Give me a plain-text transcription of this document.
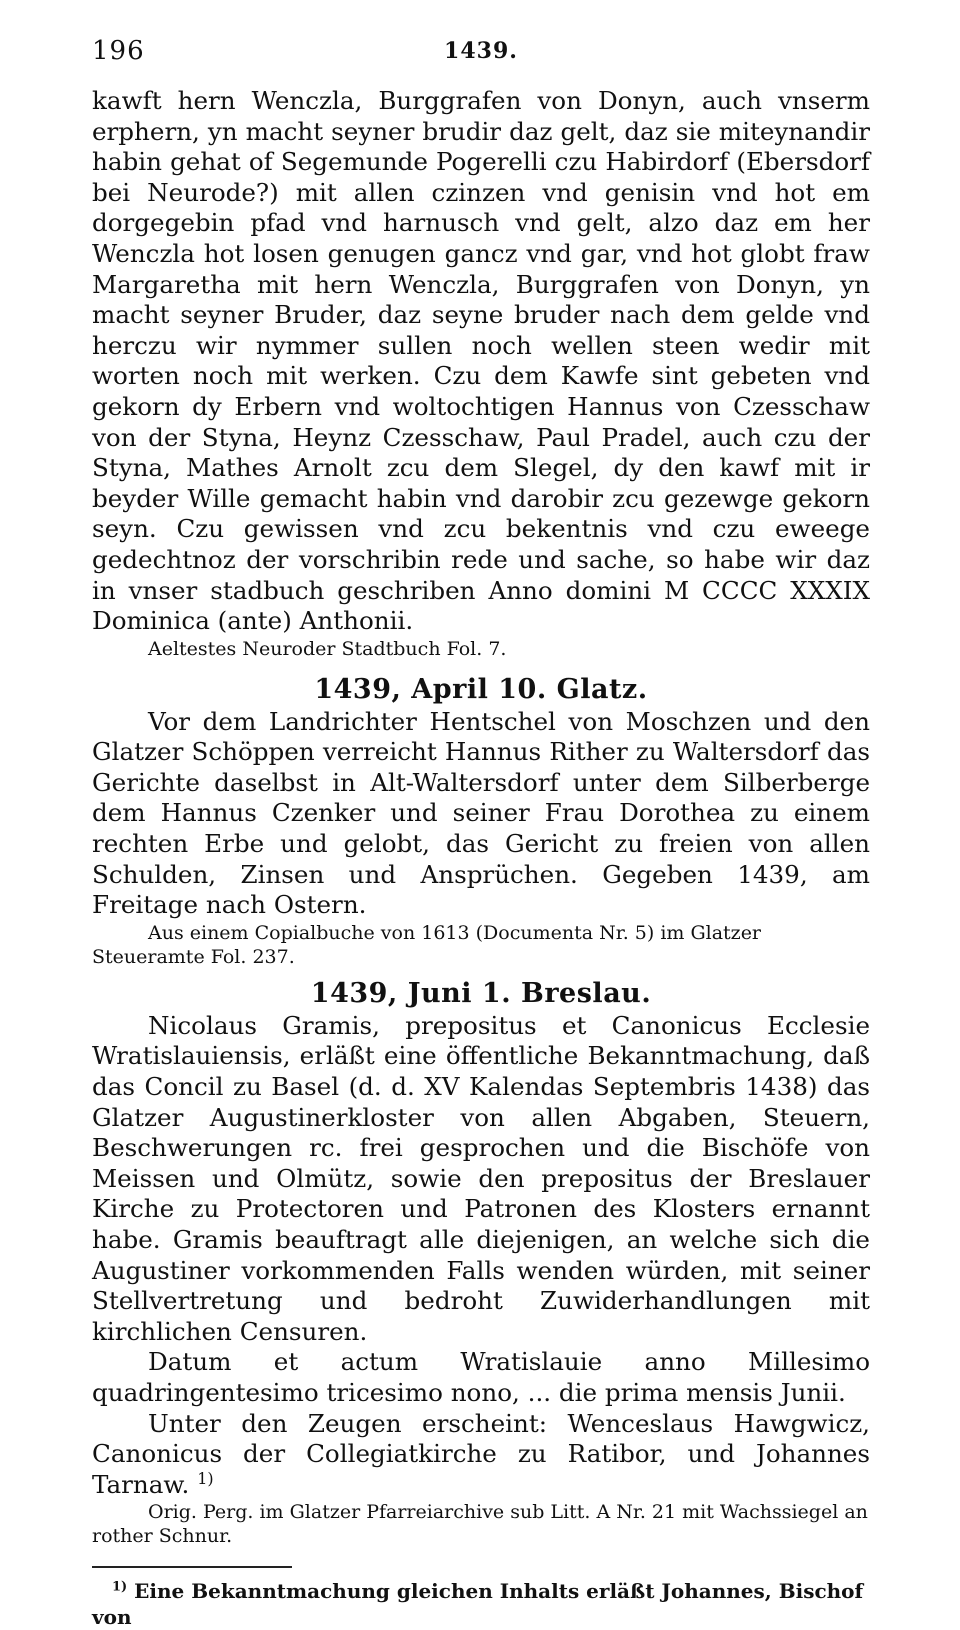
196	1439.

kawft hern Wenczla, Burggrafen von Donyn, auch vnserm erphern, yn macht seyner brudir daz gelt, daz sie miteynandir habin gehat of Segemunde Pogerelli czu Habirdorf (Ebersdorf bei Neurode?) mit allen czinzen vnd genisin vnd hot em dorgegebin pfad vnd harnusch vnd gelt, alzo daz em her Wenczla hot losen genugen gancz vnd gar, vnd hot globt fraw Margaretha mit hern Wenczla, Burggrafen von Donyn, yn macht seyner Bruder, daz seyne bruder nach dem gelde vnd herczu wir nymmer sullen noch wellen steen wedir mit worten noch mit werken. Czu dem Kawfe sint gebeten vnd gekorn dy Erbern vnd woltochtigen Hannus von Czesschaw von der Styna, Heynz Czesschaw, Paul Pradel, auch czu der Styna, Mathes Arnolt zcu dem Slegel, dy den kawf mit ir beyder Wille gemacht habin vnd darobir zcu gezewge gekorn seyn. Czu gewissen vnd zcu bekentnis vnd czu eweege gedechtnoz der vorschribin rede und sache, so habe wir daz in vnser stadbuch geschriben Anno domini M CCCC XXXIX Dominica (ante) Anthonii.

Aeltestes Neuroder Stadtbuch Fol. 7.

1439, April 10. Glatz.

Vor dem Landrichter Hentschel von Moschzen und den Glatzer Schöppen verreicht Hannus Rither zu Waltersdorf das Gerichte daselbst in Alt-Waltersdorf unter dem Silberberge dem Hannus Czenker und seiner Frau Dorothea zu einem rechten Erbe und gelobt, das Gericht zu freien von allen Schulden, Zinsen und Ansprüchen. Gegeben 1439, am Freitage nach Ostern.

Aus einem Copialbuche von 1613 (Documenta Nr. 5) im Glatzer Steueramte Fol. 237.

1439, Juni 1. Breslau.

Nicolaus Gramis, prepositus et Canonicus Ecclesie Wratislauiensis, erläßt eine öffentliche Bekanntmachung, daß das Concil zu Basel (d. d. XV Kalendas Septembris 1438) das Glatzer Augustinerkloster von allen Abgaben, Steuern, Beschwerungen rc. frei gesprochen und die Bischöfe von Meissen und Olmütz, sowie den prepositus der Breslauer Kirche zu Protectoren und Patronen des Klosters ernannt habe. Gramis beauftragt alle diejenigen, an welche sich die Augustiner vorkommenden Falls wenden würden, mit seiner Stellvertretung und bedroht Zuwiderhandlungen mit kirchlichen Censuren.

Datum et actum Wratislauie anno Millesimo quadringentesimo tricesimo nono, ... die prima mensis Junii.

Unter den Zeugen erscheint: Wenceslaus Hawgwicz, Canonicus der Collegiatkirche zu Ratibor, und Johannes Tarnaw. $^{1)}$

Orig. Perg. im Glatzer Pfarreiarchive sub Litt. A Nr. 21 mit Wachssiegel an rother Schnur.

$^{1)}$ Eine Bekanntmachung gleichen Inhalts erläßt Johannes, Bischof von
